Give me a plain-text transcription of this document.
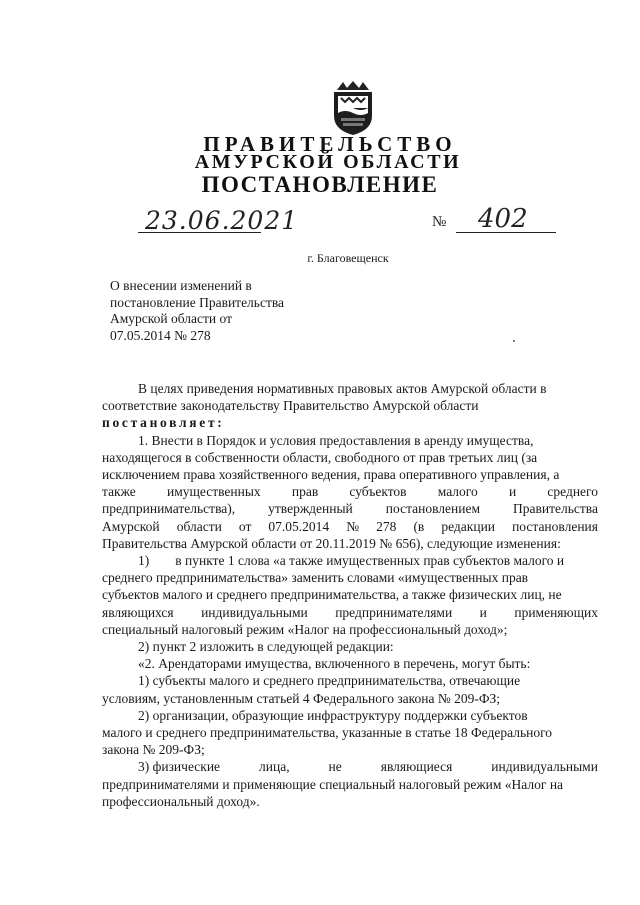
ПРАВИТЕЛЬСТВО
АМУРСКОЙ ОБЛАСТИ
ПОСТАНОВЛЕНИЕ
23.06.2021	№ 402
г. Благовещенск
О внесении изменений в
постановление Правительства
Амурской области от
07.05.2014 № 278
В целях приведения нормативных правовых актов Амурской области в
соответствие законодательству Правительство Амурской области
постановляет:
1. Внести в Порядок и условия предоставления в аренду имущества,
находящегося в собственности области, свободного от прав третьих лиц (за
исключением права хозяйственного ведения, права оперативного управления, а
также имущественных прав субъектов малого и среднего
предпринимательства), утвержденный постановлением Правительства
Амурской области от 07.05.2014 № 278 (в редакции постановления
Правительства Амурской области от 20.11.2019 № 656), следующие изменения:
1) в пункте 1 слова «а также имущественных прав субъектов малого и
среднего предпринимательства» заменить словами «имущественных прав
субъектов малого и среднего предпринимательства, а также физических лиц, не
являющихся индивидуальными предпринимателями и применяющих
специальный налоговый режим «Налог на профессиональный доход»;
2) пункт 2 изложить в следующей редакции:
«2. Арендаторами имущества, включенного в перечень, могут быть:
1) субъекты малого и среднего предпринимательства, отвечающие
условиям, установленным статьей 4 Федерального закона № 209-ФЗ;
2) организации, образующие инфраструктуру поддержки субъектов
малого и среднего предпринимательства, указанные в статье 18 Федерального
закона № 209-ФЗ;
3) физические	лица,	не	являющиеся	индивидуальными
предпринимателями и применяющие специальный налоговый режим «Налог на
профессиональный доход».
